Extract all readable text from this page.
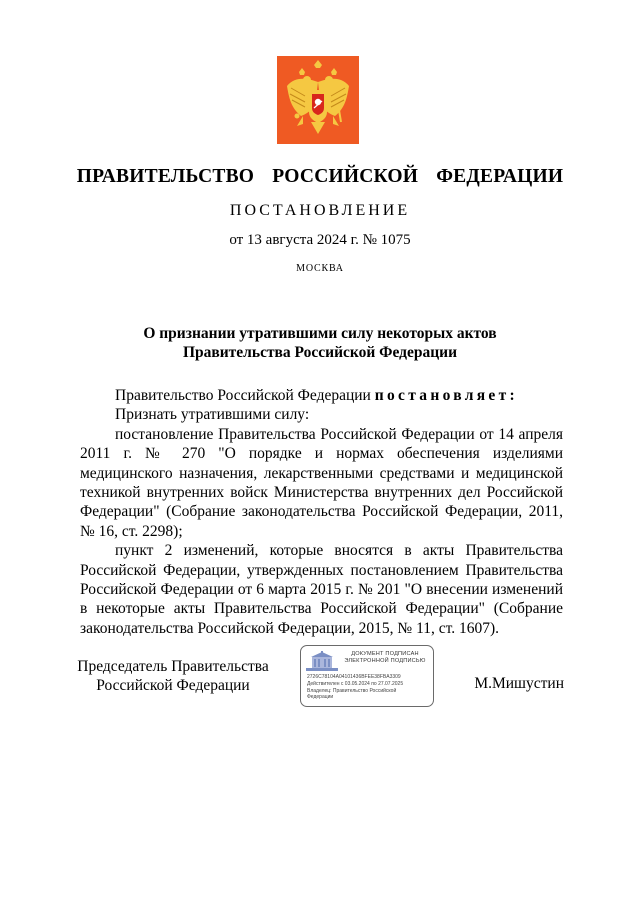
ПРАВИТЕЛЬСТВО  РОССИЙСКОЙ  ФЕДЕРАЦИИ
ПОСТАНОВЛЕНИЕ
от 13 августа 2024 г. № 1075
МОСКВА
О признании утратившими силу некоторых актов
Правительства Российской Федерации

Правительство Российской Федерации постановляет:

Признать утратившими силу:

постановление Правительства Российской Федерации от 14 апреля 2011 г. № 270 "О порядке и нормах обеспечения изделиями медицинского назначения, лекарственными средствами и медицинской техникой внутренних войск Министерства внутренних дел Российской Федерации" (Собрание законодательства Российской Федерации, 2011, № 16, ст. 2298);

пункт 2 изменений, которые вносятся в акты Правительства Российской Федерации, утвержденных постановлением Правительства Российской Федерации от 6 марта 2015 г. № 201 "О внесении изменений в некоторые акты Правительства Российской Федерации" (Собрание законодательства Российской Федерации, 2015, № 11, ст. 1607).

Председатель Правительства
Российской Федерации
ДОКУМЕНТ ПОДПИСАН
ЭЛЕКТРОННОЙ ПОДПИСЬЮ
2726C78104A04101436BFEE38FBA3309
Действителен с 03.05.2024 по 27.07.2025
Владелец: Правительство Российской
Федерации
М.Мишустин
